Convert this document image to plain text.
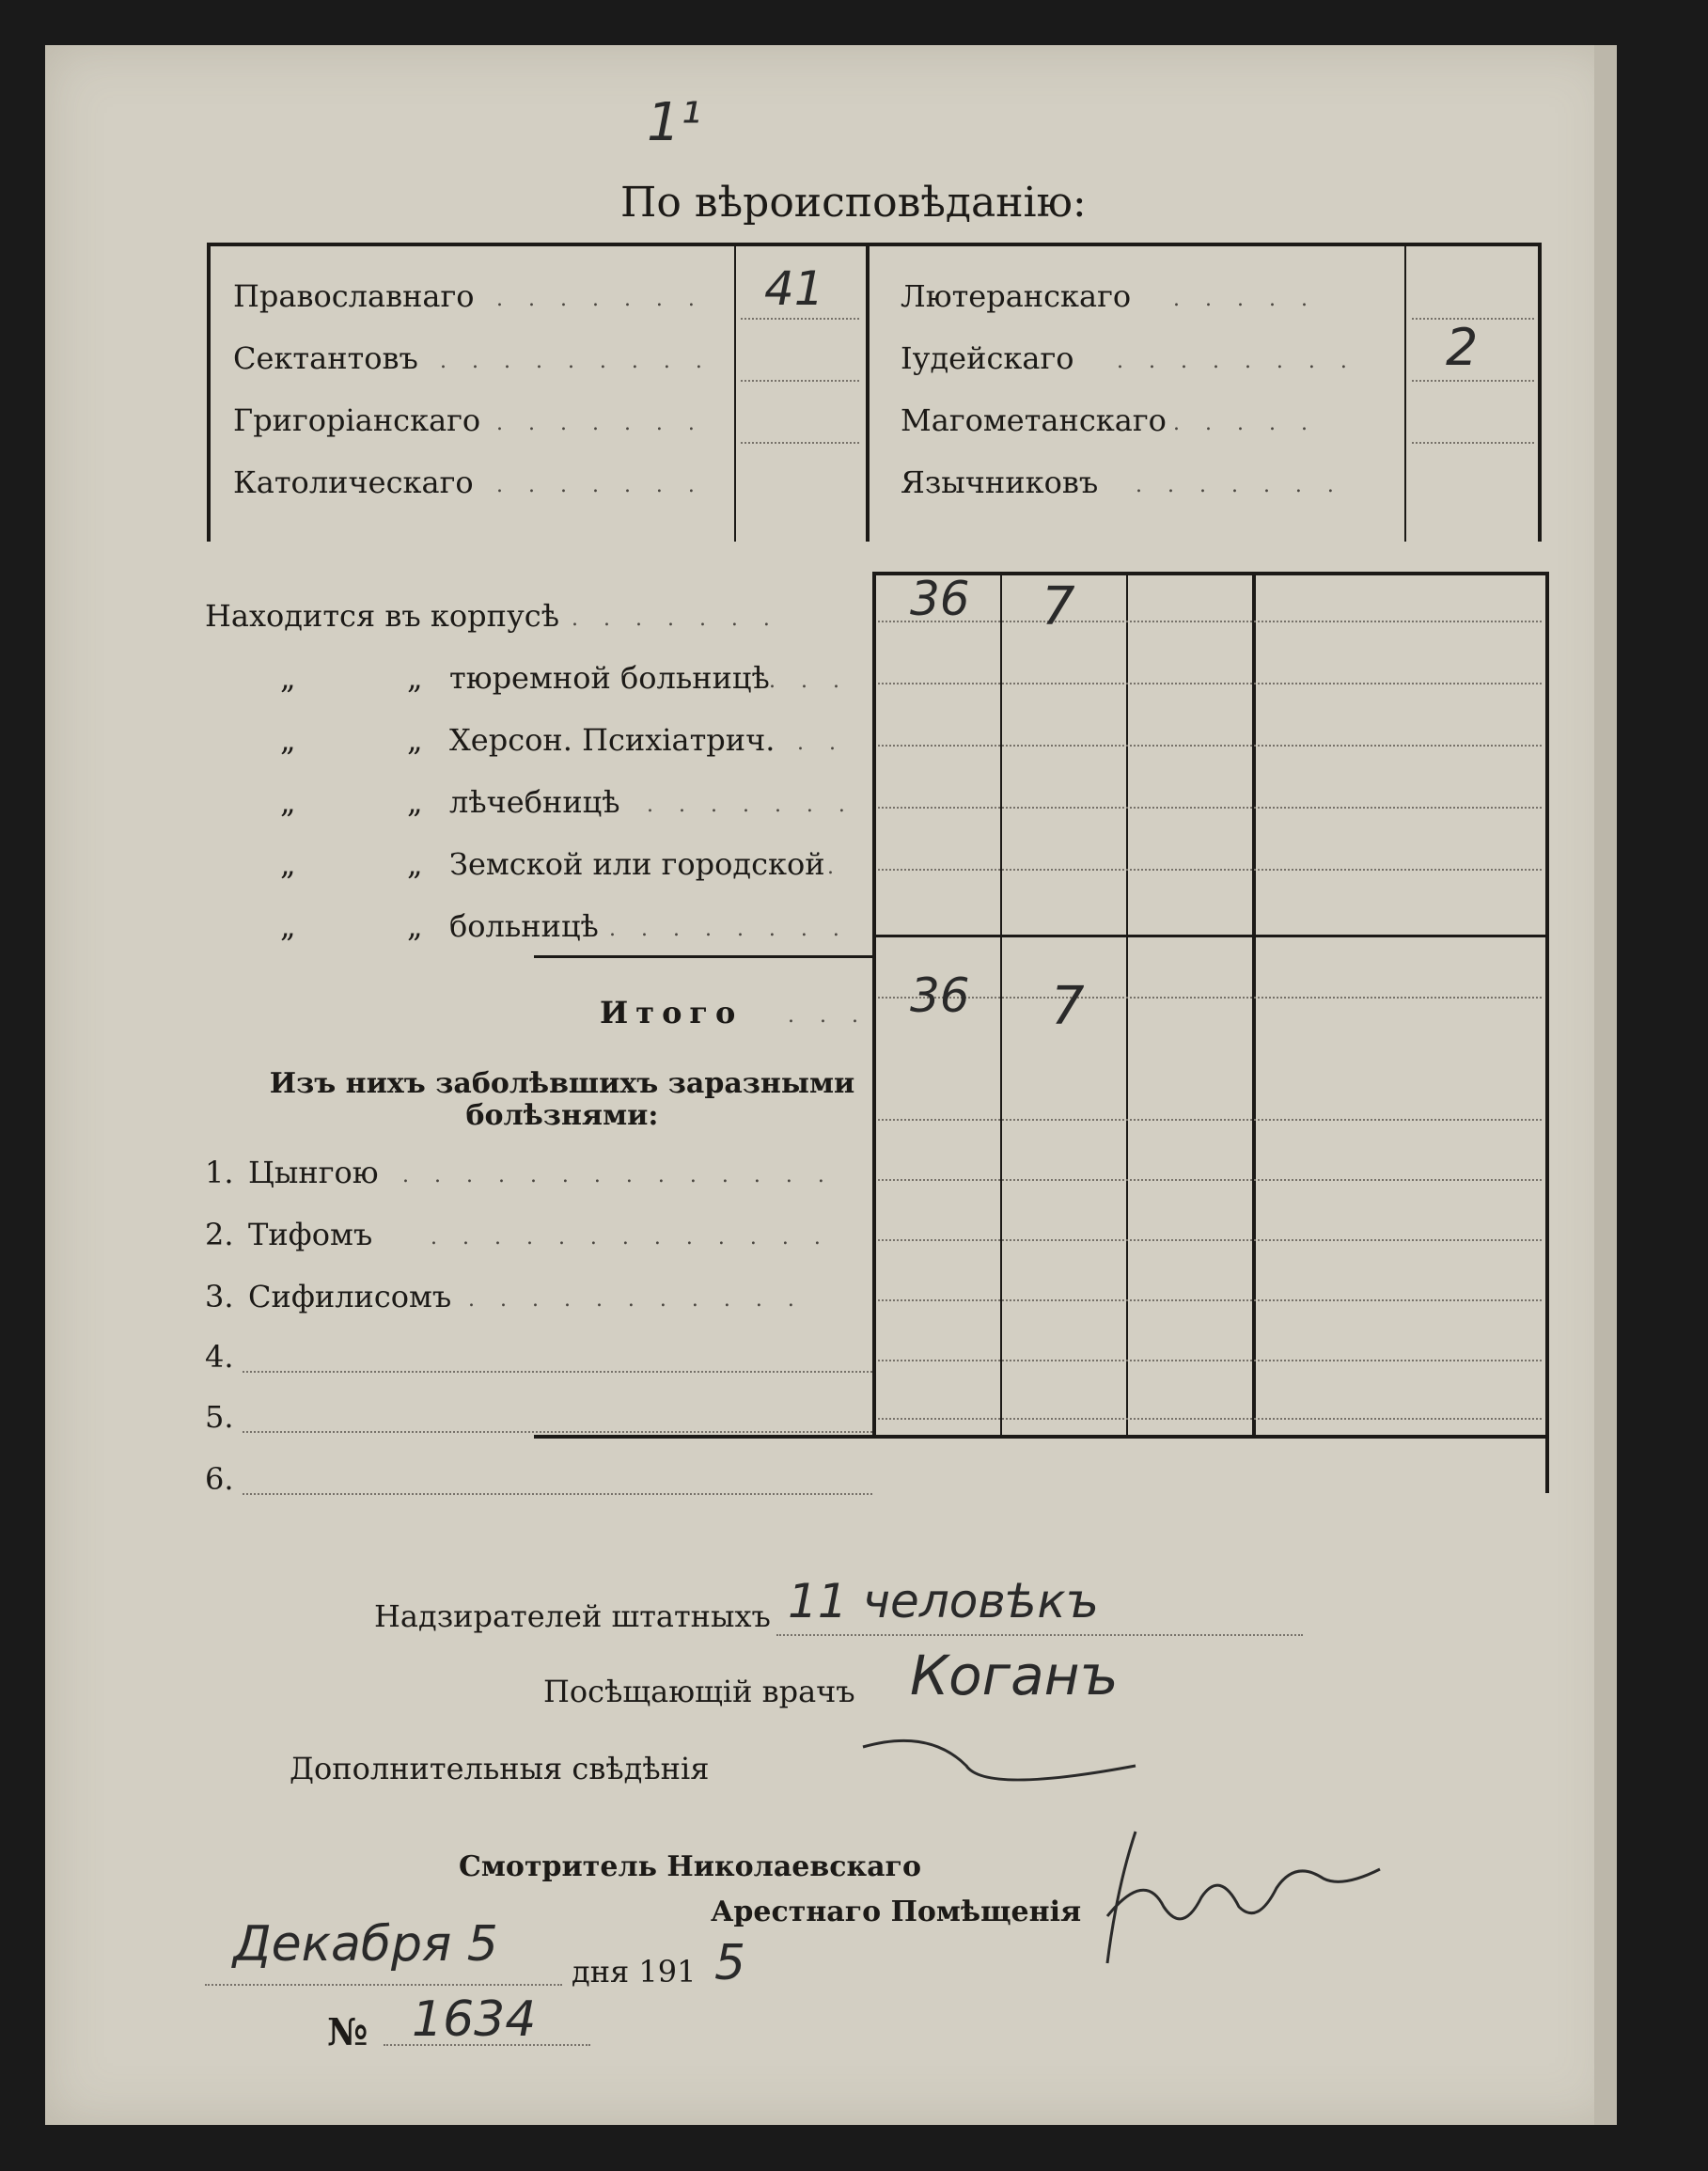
1¹
По вѣроисповѣданію:
Православнаго . . . . . . . 41
Сектантовъ . . . . . . . . .
Григоріанскаго . . . . . . .
Католическаго . . . . . . .
Лютеранскаго . . . . .
Іудейскаго . . . . . . . . 2
Магометанскаго . . . . .
Язычниковъ . . . . . . .
Находится въ корпусѣ . . . . . . .	36 7
„	„ тюремной больницѣ . . .
„	„ Херсон. Психіатрич. . .
„	„ лѣчебницѣ . . . . . . .
„	„ Земской или городской .
„	„ больницѣ . . . . . . . .
Итого . . . 36 7
Изъ нихъ заболѣвшихъ заразными болѣзнями:
1. Цынгою . . . . . . . . . . . . . .
2. Тифомъ	. . . . . . . . . . . . .
3. Сифилисомъ . . . . . . . . . . .
4.
5.
6.
Надзирателей штатныхъ 11 человѣкъ
Посѣщающій врачъ Коганъ
Дополнительныя свѣдѣнія
Смотритель Николаевскаго
Арестнаго Помѣщенія
Декабря 5 дня 191 5
№ 1634
